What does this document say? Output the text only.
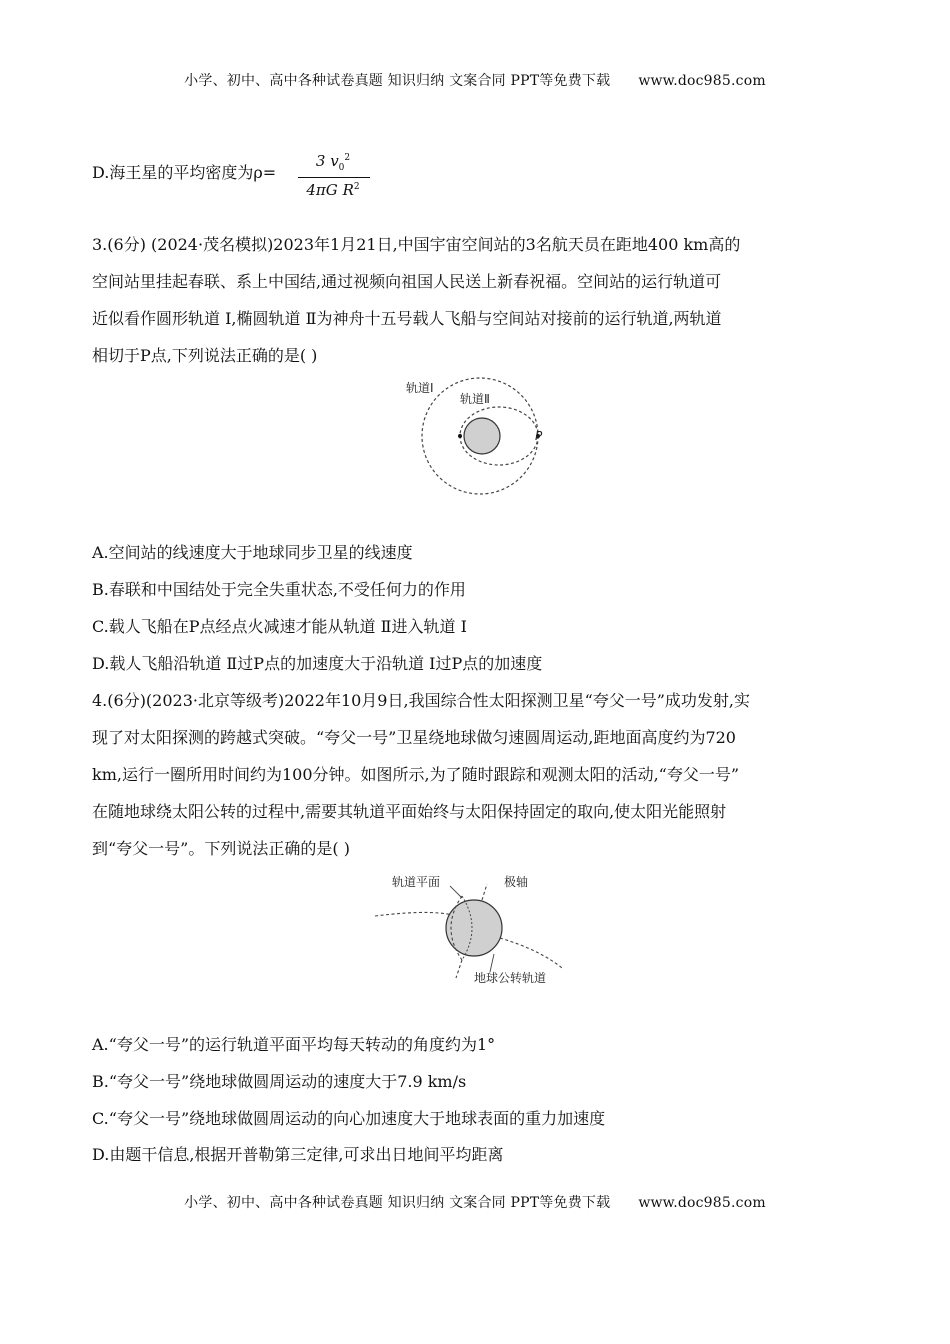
小学、初中、高中各种试卷真题 知识归纳 文案合同 PPT等免费下载 www.doc985.com
D.海王星的平均密度为ρ=
3 $v_0^2$
4πG $R^2$
3.(6分) (2024·茂名模拟)2023年1月21日,中国宇宙空间站的3名航天员在距地400 km高的
空间站里挂起春联、系上中国结,通过视频向祖国人民送上新春祝福。空间站的运行轨道可
近似看作圆形轨道 Ⅰ,椭圆轨道 Ⅱ为神舟十五号载人飞船与空间站对接前的运行轨道,两轨道
相切于P点,下列说法正确的是( )
轨道Ⅰ
轨道Ⅱ
P
A.空间站的线速度大于地球同步卫星的线速度
B.春联和中国结处于完全失重状态,不受任何力的作用
C.载人飞船在P点经点火减速才能从轨道 Ⅱ进入轨道 Ⅰ
D.载人飞船沿轨道 Ⅱ过P点的加速度大于沿轨道 Ⅰ过P点的加速度
4.(6分)(2023·北京等级考)2022年10月9日,我国综合性太阳探测卫星“夸父一号”成功发射,实
现了对太阳探测的跨越式突破。“夸父一号”卫星绕地球做匀速圆周运动,距地面高度约为720
km,运行一圈所用时间约为100分钟。如图所示,为了随时跟踪和观测太阳的活动,“夸父一号”
在随地球绕太阳公转的过程中,需要其轨道平面始终与太阳保持固定的取向,使太阳光能照射
到“夸父一号”。下列说法正确的是( )
轨道平面	极轴
地球公转轨道
A.“夸父一号”的运行轨道平面平均每天转动的角度约为1°
B.“夸父一号”绕地球做圆周运动的速度大于7.9 km/s
C.“夸父一号”绕地球做圆周运动的向心加速度大于地球表面的重力加速度
D.由题干信息,根据开普勒第三定律,可求出日地间平均距离
小学、初中、高中各种试卷真题 知识归纳 文案合同 PPT等免费下载 www.doc985.com
